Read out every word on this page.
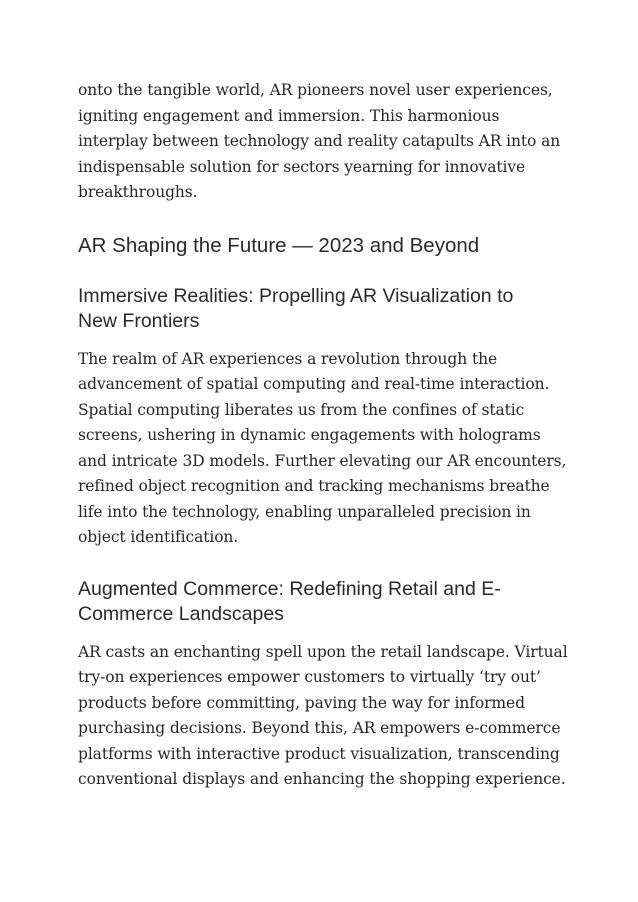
onto the tangible world, AR pioneers novel user experiences, igniting engagement and immersion. This harmonious interplay between technology and reality catapults AR into an indispensable solution for sectors yearning for innovative breakthroughs.

AR Shaping the Future — 2023 and Beyond
Immersive Realities: Propelling AR Visualization to New Frontiers

The realm of AR experiences a revolution through the advancement of spatial computing and real-time interaction. Spatial computing liberates us from the confines of static screens, ushering in dynamic engagements with holograms and intricate 3D models. Further elevating our AR encounters, refined object recognition and tracking mechanisms breathe life into the technology, enabling unparalleled precision in object identification.

Augmented Commerce: Redefining Retail and E-Commerce Landscapes

AR casts an enchanting spell upon the retail landscape. Virtual try-on experiences empower customers to virtually ‘try out’ products before committing, paving the way for informed purchasing decisions. Beyond this, AR empowers e-commerce platforms with interactive product visualization, transcending conventional displays and enhancing the shopping experience.
